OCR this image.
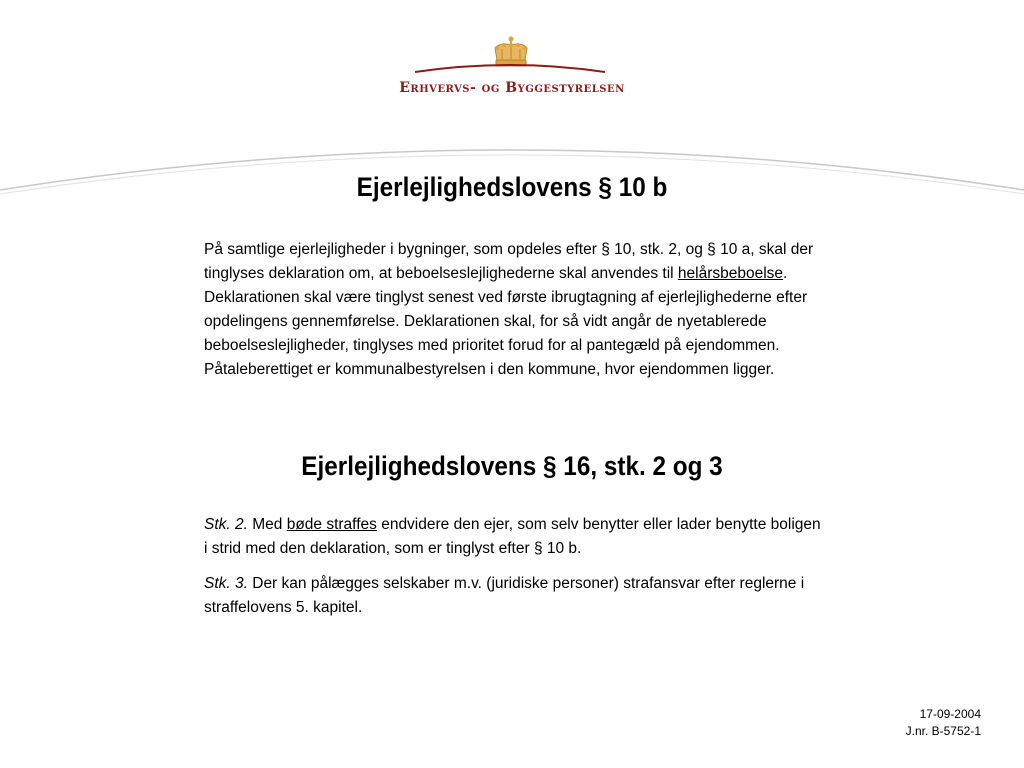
Erhvervs- og Byggestyrelsen
Ejerlejlighedslovens § 10 b

På samtlige ejerlejligheder i bygninger, som opdeles efter § 10, stk. 2, og § 10 a, skal der tinglyses deklaration om, at beboelseslejlighederne skal anvendes til helårsbeboelse. Deklarationen skal være tinglyst senest ved første ibrugtagning af ejerlejlighederne efter opdelingens gennemførelse. Deklarationen skal, for så vidt angår de nyetablerede beboelseslejligheder, tinglyses med prioritet forud for al pantegæld på ejendommen. Påtaleberettiget er kommunalbestyrelsen i den kommune, hvor ejendommen ligger.

Ejerlejlighedslovens § 16, stk. 2 og 3

Stk. 2. Med bøde straffes endvidere den ejer, som selv benytter eller lader benytte boligen i strid med den deklaration, som er tinglyst efter § 10 b.

Stk. 3. Der kan pålægges selskaber m.v. (juridiske personer) strafansvar efter reglerne i straffelovens 5. kapitel.

17-09-2004
J.nr. B-5752-1
